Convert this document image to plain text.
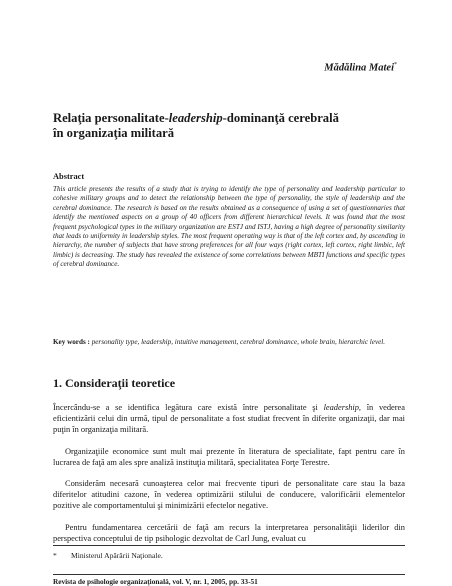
Mădălina Matei*
Relaţia personalitate-leadership-dominanţă cerebrală
în organizaţia militară
Abstract
This article presents the results of a study that is trying to identify the type of personality and leadership particular to cohesive military groups and to detect the relationship between the type of personality, the style of leadership and the cerebral dominance. The research is based on the results obtained as a consequence of using a set of questionnaries that identify the mentioned aspects on a group of 40 officers from different hierarchical levels. It was found that the most frequent psychological types in the military organization are ESTJ and ISTJ, having a high degree of personality similarity that leads to uniformity in leadership styles. The most frequent operating way is that of the left cortex and, by ascending in hierarchy, the number of subjects that have strong preferences for all four ways (right cortex, left cortex, right limbic, left limbic) is decreasing. The study has revealed the existence of some correlations between MBTI functions and specific types of cerebral dominance.
Key words : personality type, leadership, intuitive management, cerebral dominance, whole brain, hierarchic level.
1. Consideraţii teoretice
Încercându-se a se identifica legătura care există între personalitate şi leadership, în vederea eficientizării celui din urmă, tipul de personalitate a fost studiat frecvent în diferite organizaţii, dar mai puţin în organizaţia militară.
Organizaţiile economice sunt mult mai prezente în literatura de specialitate, fapt pentru care în lucrarea de faţă am ales spre analiză instituţia militară, specialitatea Forţe Terestre.
Considerăm necesară cunoaşterea celor mai frecvente tipuri de personalitate care stau la baza diferitelor atitudini cazone, în vederea optimizării stilului de conducere, valorificării elementelor pozitive ale comportamentului şi minimizării efectelor negative.
Pentru fundamentarea cercetării de faţă am recurs la interpretarea personalităţii liderilor din perspectiva conceptului de tip psihologic dezvoltat de Carl Jung, evaluat cu
* Ministerul Apărării Naţionale.
Revista de psihologie organizaţională, vol. V, nr. 1, 2005, pp. 33-51
